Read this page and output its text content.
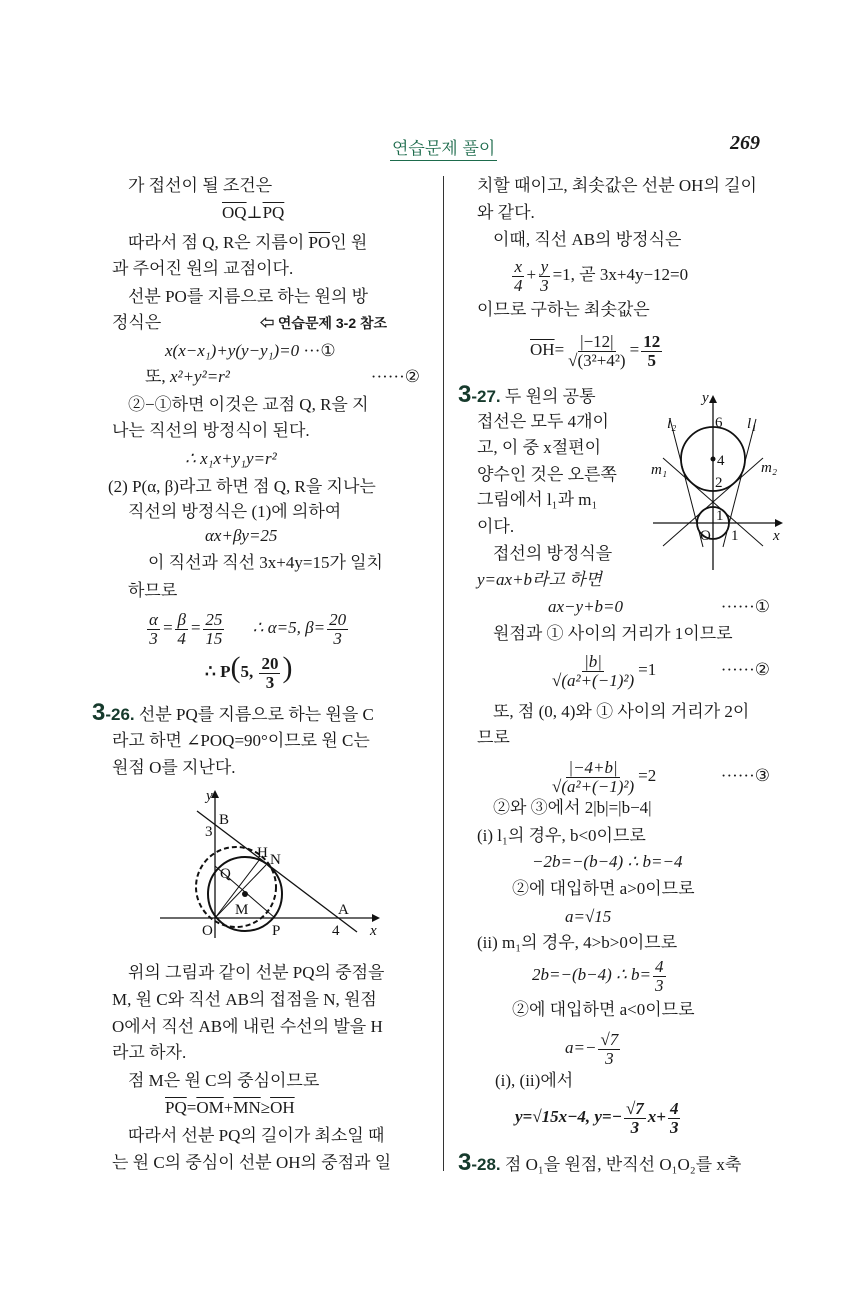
연습문제 풀이	269
가 접선이 될 조건은
$\overline{OQ}\perp\overline{PQ}$
따라서 점 Q, R은 지름이 $\overline{PO}$인 원
과 주어진 원의 교점이다.
선분 PO를 지름으로 하는 원의 방
정식은	⇦ 연습문제 3-2 참조
x(x−x₁)+y(y−y₁)=0 ···①
또, x²+y²=r²	······②
②−①하면 이것은 교점 Q, R을 지
나는 직선의 방정식이 된다.
∴ x₁x+y₁y=r²
(2) P(α, β)라고 하면 점 Q, R을 지나는
직선의 방정식은 (1)에 의하여
αx+βy=25
이 직선과 직선 3x+4y=15가 일치
하므로
$\frac{\alpha}{3} = \frac{\beta}{4} = \frac{25}{15}$ ∴ α=5, $\beta= \frac{20}{3}$
∴ P(5, $\frac{20}{3}$ )
3-26. 선분 PQ를 지름으로 하는 원을 C
라고 하면 ∠POQ=90°이므로 원 C는
원점 O를 지난다.
y
B
3
H N
Q
M	A
O	P	4 x
위의 그림과 같이 선분 PQ의 중점을
M, 원 C와 직선 AB의 접점을 N, 원점
O에서 직선 AB에 내린 수선의 발을 H
라고 하자.
점 M은 원 C의 중심이므로
$\overline{PQ}=\overline{OM}+\overline{MN}\ge\overline{OH}$
따라서 선분 PQ의 길이가 최소일 때
는 원 C의 중심이 선분 OH의 중점과 일
치할 때이고, 최솟값은 선분 OH의 길이
와 같다.
이때, 직선 AB의 방정식은
$\frac{x}{4} + \frac{y}{3} =1$, 곧 3x+4y−12=0
이므로 구하는 최솟값은
$\overline{OH}= \frac{|-12|}{\text{√(3²+4²)}} = \frac{12}{5}$
3-27. 두 원의 공통
접선은 모두 4개이
고, 이 중 x절편이
양수인 것은 오른쪽
그림에서 l₁과 m₁
이다.
y
l₂	6 l₁
4
m₁	m₂
2
1
O 1 x
접선의 방정식을
y=ax+b라고 하면
ax−y+b=0	······①
원점과 ① 사이의 거리가 1이므로
$\frac{|b|}{\text{√(a²+(−1)²)}} =1$	······②
또, 점 (0, 4)와 ① 사이의 거리가 2이
므로
$\frac{|-4+b|}{\text{√(a²+(−1)²)}} =2$	······③
②와 ③에서 2|b|=|b−4|
(i) l₁의 경우, b<0이므로
−2b=−(b−4) ∴ b=−4
②에 대입하면 a>0이므로
a=√15
(ii) m₁의 경우, 4>b>0이므로
2b=−(b−4) ∴ $b= \frac{4}{3}$
②에 대입하면 a<0이므로
$a=- \frac{√7}{3}$
(i), (ii)에서
y=√15x−4, $y=- \frac{√7}{3} x+ \frac{4}{3}$
3-28. 점 O₁을 원점, 반직선 O₁O₂를 x축
